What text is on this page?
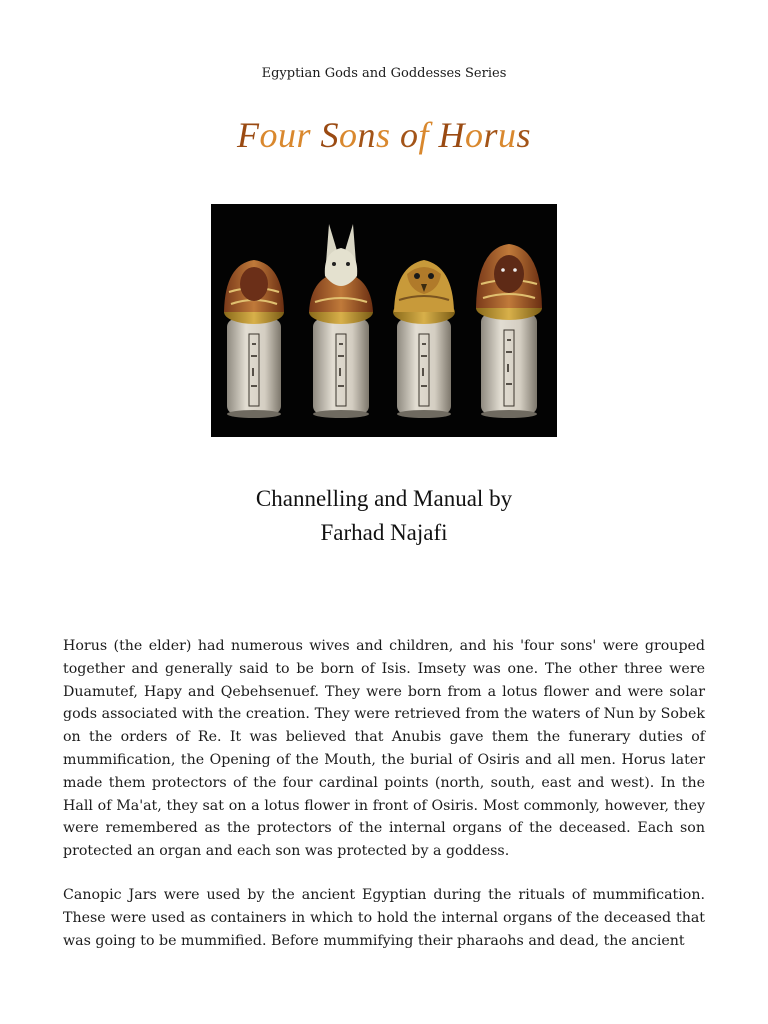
Egyptian Gods and Goddesses Series
Four Sons of Horus
Channelling and Manual by
Farhad Najafi

Horus (the elder) had numerous wives and children, and his 'four sons' were grouped together and generally said to be born of Isis. Imsety was one. The other three were Duamutef, Hapy and Qebehsenuef. They were born from a lotus flower and were solar gods associated with the creation. They were retrieved from the waters of Nun by Sobek on the orders of Re. It was believed that Anubis gave them the funerary duties of mummification, the Opening of the Mouth, the burial of Osiris and all men. Horus later made them protectors of the four cardinal points (north, south, east and west). In the Hall of Ma'at, they sat on a lotus flower in front of Osiris. Most commonly, however, they were remembered as the protectors of the internal organs of the deceased. Each son protected an organ and each son was protected by a goddess.

Canopic Jars were used by the ancient Egyptian during the rituals of mummification. These were used as containers in which to hold the internal organs of the deceased that was going to be mummified. Before mummifying their pharaohs and dead, the ancient
